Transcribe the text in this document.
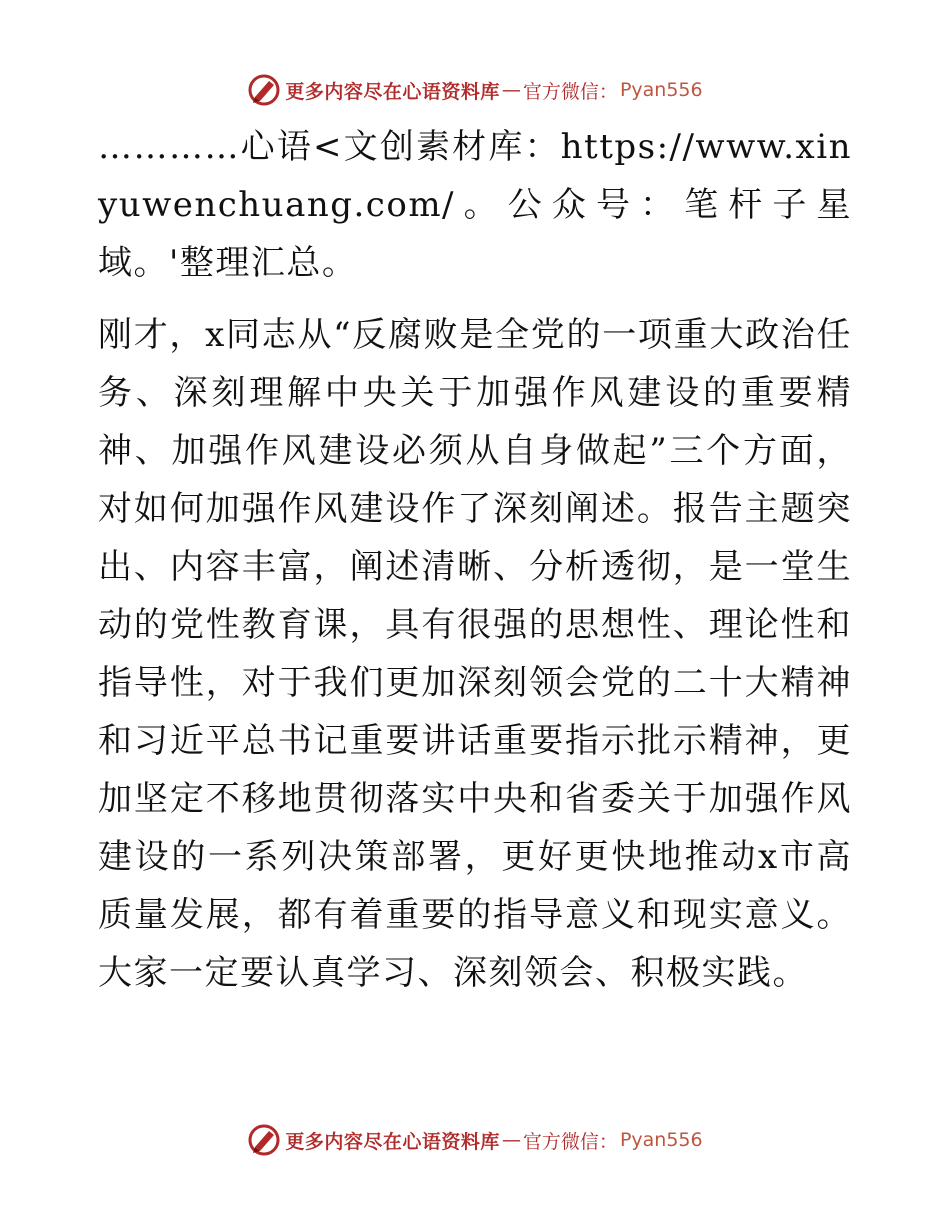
更多内容尽在心语资料库 — 官方微信： Pyan556

…………心语<文创素材库：https://www.xinyuwenchuang.com/。公众号：笔杆子星域。'整理汇总。

刚才，x同志从“反腐败是全党的一项重大政治任务、深刻理解中央关于加强作风建设的重要精神、加强作风建设必须从自身做起”三个方面，对如何加强作风建设作了深刻阐述。报告主题突出、内容丰富，阐述清晰、分析透彻，是一堂生动的党性教育课，具有很强的思想性、理论性和指导性，对于我们更加深刻领会党的二十大精神和习近平总书记重要讲话重要指示批示精神，更加坚定不移地贯彻落实中央和省委关于加强作风建设的一系列决策部署，更好更快地推动x市高质量发展，都有着重要的指导意义和现实意义。大家一定要认真学习、深刻领会、积极实践。

更多内容尽在心语资料库 — 官方微信： Pyan556
